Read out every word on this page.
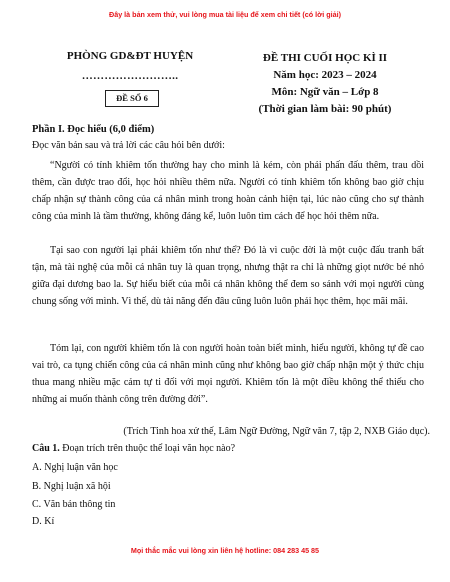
Đây là bản xem thử, vui lòng mua tài liệu để xem chi tiết (có lời giải)
PHÒNG GD&ĐT HUYỆN
……………………..
ĐỀ SỐ 6
ĐỀ THI CUỐI HỌC KÌ II
Năm học: 2023 – 2024
Môn: Ngữ văn – Lớp 8
(Thời gian làm bài: 90 phút)
Phần I. Đọc hiểu (6,0 điểm)
Đọc văn bản sau và trả lời các câu hỏi bên dưới:

“Người có tính khiêm tốn thường hay cho mình là kém, còn phải phấn đấu thêm, trau dồi thêm, cần được trao đổi, học hỏi nhiều thêm nữa. Người có tính khiêm tốn không bao giờ chịu chấp nhận sự thành công của cá nhân mình trong hoàn cảnh hiện tại, lúc nào cũng cho sự thành công của mình là tầm thường, không đáng kể, luôn luôn tìm cách để học hỏi thêm nữa.

Tại sao con người lại phải khiêm tốn như thế? Đó là vì cuộc đời là một cuộc đấu tranh bất tận, mà tài nghệ của mỗi cá nhân tuy là quan trọng, nhưng thật ra chỉ là những giọt nước bé nhỏ giữa đại dương bao la. Sự hiểu biết của mỗi cá nhân không thể đem so sánh với mọi người cùng chung sống với mình. Vì thế, dù tài năng đến đâu cũng luôn luôn phải học thêm, học mãi mãi.

Tóm lại, con người khiêm tốn là con người hoàn toàn biết mình, hiểu người, không tự đề cao vai trò, ca tụng chiến công của cá nhân mình cũng như không bao giờ chấp nhận một ý thức chịu thua mang nhiều mặc cảm tự ti đối với mọi người. Khiêm tốn là một điều không thể thiếu cho những ai muốn thành công trên đường đời”.

(Trích Tinh hoa xử thế, Lâm Ngữ Đường, Ngữ văn 7, tập 2, NXB Giáo dục).
Câu 1. Đoạn trích trên thuộc thể loại văn học nào?
A. Nghị luận văn học
B. Nghị luận xã hội
C. Văn bản thông tin
D. Kí
Mọi thắc mắc vui lòng xin liên hệ hotline: 084 283 45 85
